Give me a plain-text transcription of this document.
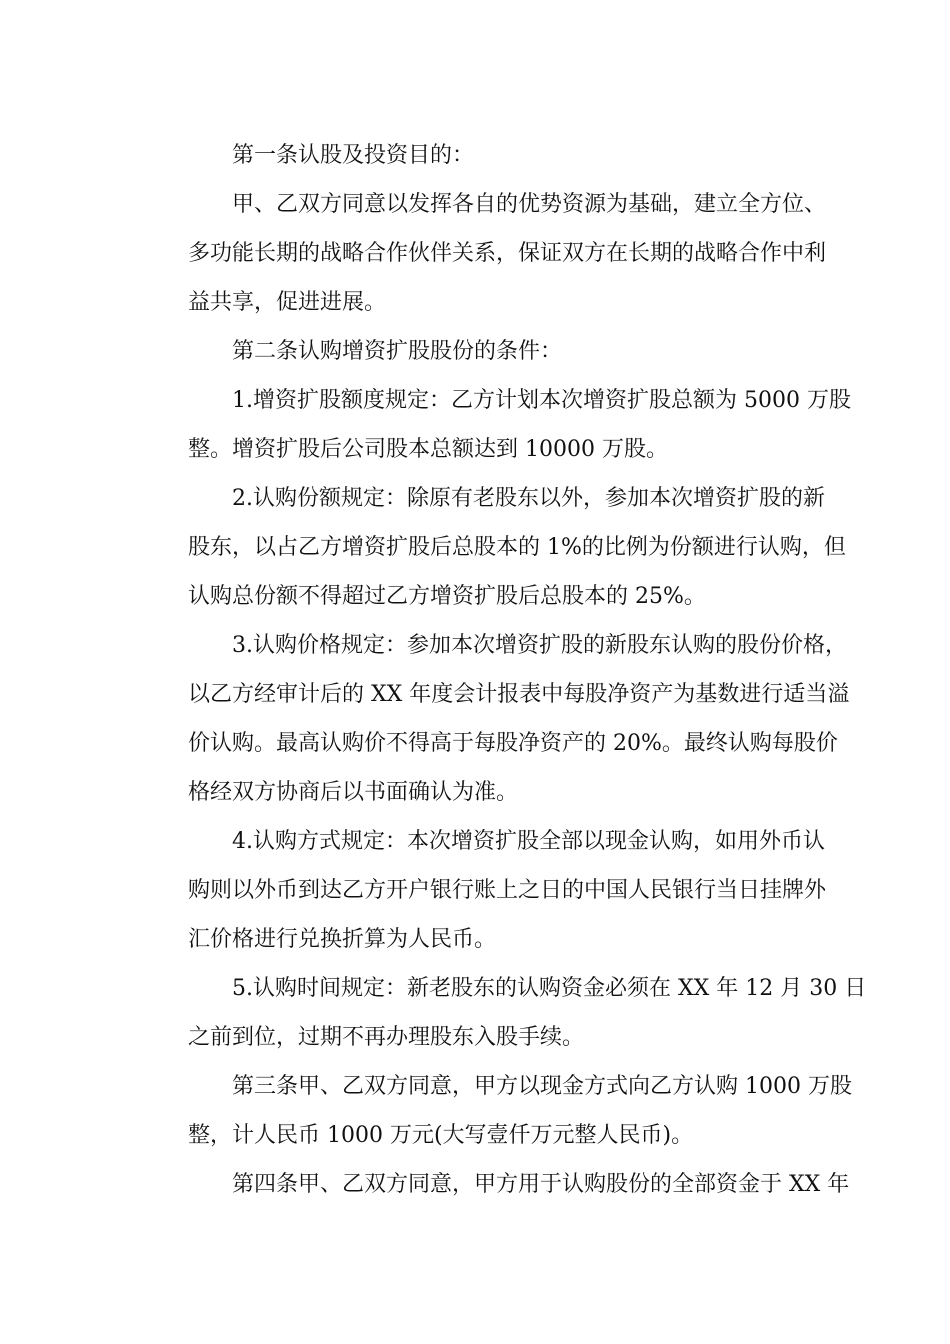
第一条认股及投资目的：
甲、乙双方同意以发挥各自的优势资源为基础，建立全方位、
多功能长期的战略合作伙伴关系，保证双方在长期的战略合作中利
益共享，促进进展。
第二条认购增资扩股股份的条件：
1.增资扩股额度规定：乙方计划本次增资扩股总额为 5000 万股
整。增资扩股后公司股本总额达到 10000 万股。
2.认购份额规定：除原有老股东以外，参加本次增资扩股的新
股东，以占乙方增资扩股后总股本的 1%的比例为份额进行认购，但
认购总份额不得超过乙方增资扩股后总股本的 25%。
3.认购价格规定：参加本次增资扩股的新股东认购的股份价格，
以乙方经审计后的 XX 年度会计报表中每股净资产为基数进行适当溢
价认购。最高认购价不得高于每股净资产的 20%。最终认购每股价
格经双方协商后以书面确认为准。
4.认购方式规定：本次增资扩股全部以现金认购，如用外币认
购则以外币到达乙方开户银行账上之日的中国人民银行当日挂牌外
汇价格进行兑换折算为人民币。
5.认购时间规定：新老股东的认购资金必须在 XX 年 12 月 30 日
之前到位，过期不再办理股东入股手续。
第三条甲、乙双方同意，甲方以现金方式向乙方认购 1000 万股
整，计人民币 1000 万元(大写壹仟万元整人民币)。
第四条甲、乙双方同意，甲方用于认购股份的全部资金于 XX 年
